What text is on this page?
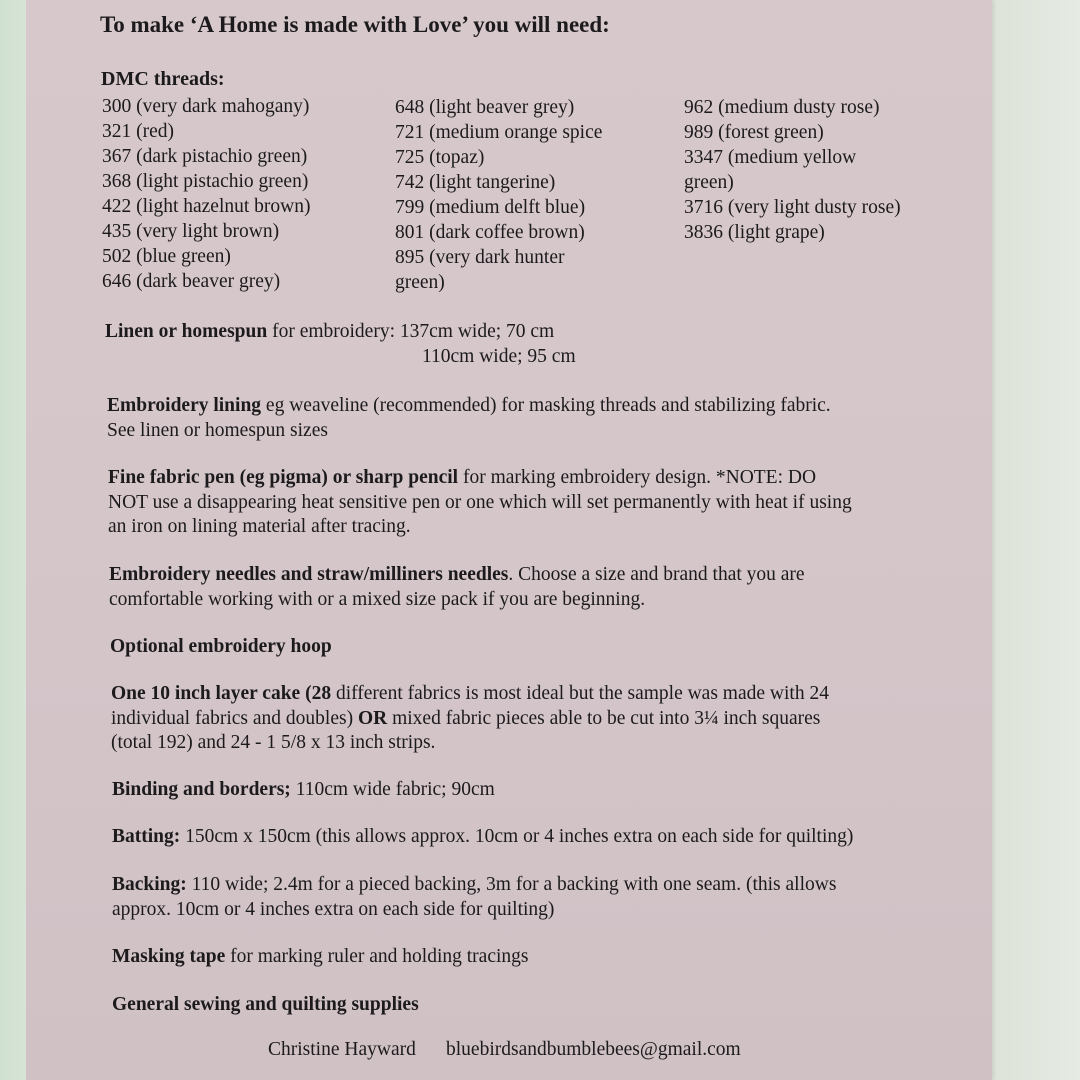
To make ‘A Home is made with Love’ you will need:
DMC threads:
300 (very dark mahogany)
321 (red)
367 (dark pistachio green)
368 (light pistachio green)
422 (light hazelnut brown)
435 (very light brown)
502 (blue green)
646 (dark beaver grey)
648 (light beaver grey)
721 (medium orange spice
725 (topaz)
742 (light tangerine)
799 (medium delft blue)
801 (dark coffee brown)
895 (very dark hunter
green)
962 (medium dusty rose)
989 (forest green)
3347 (medium yellow
green)
3716 (very light dusty rose)
3836 (light grape)
Linen or homespun for embroidery: 137cm wide; 70 cm
110cm wide; 95 cm
Embroidery lining eg weaveline (recommended) for masking threads and stabilizing fabric.
See linen or homespun sizes
Fine fabric pen (eg pigma) or sharp pencil for marking embroidery design. *NOTE: DO
NOT use a disappearing heat sensitive pen or one which will set permanently with heat if using
an iron on lining material after tracing.
Embroidery needles and straw/milliners needles. Choose a size and brand that you are
comfortable working with or a mixed size pack if you are beginning.
Optional embroidery hoop
One 10 inch layer cake (28 different fabrics is most ideal but the sample was made with 24
individual fabrics and doubles) OR mixed fabric pieces able to be cut into 3¼ inch squares
(total 192) and 24 - 1 5/8 x 13 inch strips.
Binding and borders; 110cm wide fabric; 90cm
Batting: 150cm x 150cm (this allows approx. 10cm or 4 inches extra on each side for quilting)
Backing: 110 wide; 2.4m for a pieced backing, 3m for a backing with one seam. (this allows
approx. 10cm or 4 inches extra on each side for quilting)
Masking tape for marking ruler and holding tracings
General sewing and quilting supplies
Christine Hayward bluebirdsandbumblebees@gmail.com
